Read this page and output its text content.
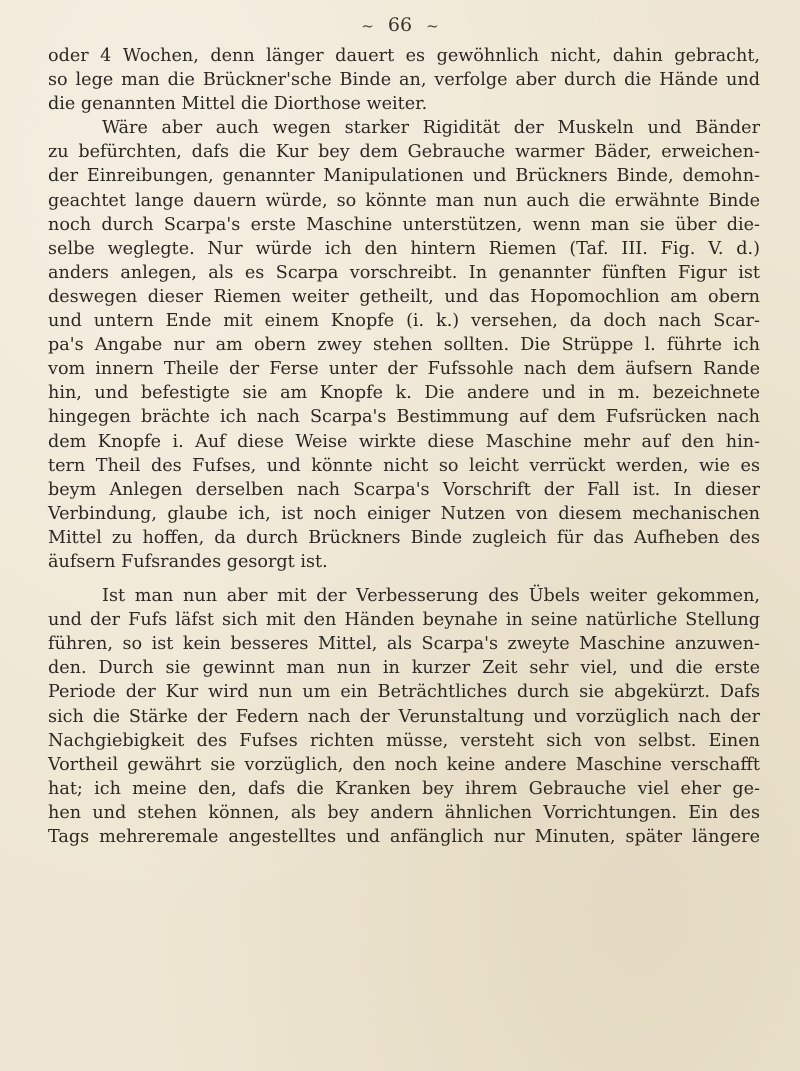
~ 66 ~
oder 4 Wochen, denn länger dauert es gewöhnlich nicht, dahin gebracht,
so lege man die Brückner'sche Binde an, verfolge aber durch die Hände und
die genannten Mittel die Diorthose weiter.
Wäre aber auch wegen starker Rigidität der Muskeln und Bänder
zu befürchten, dafs die Kur bey dem Gebrauche warmer Bäder, erweichen-
der Einreibungen, genannter Manipulationen und Brückners Binde, demohn-
geachtet lange dauern würde, so könnte man nun auch die erwähnte Binde
noch durch Scarpa's erste Maschine unterstützen, wenn man sie über die-
selbe weglegte. Nur würde ich den hintern Riemen (Taf. III. Fig. V. d.)
anders anlegen, als es Scarpa vorschreibt. In genannter fünften Figur ist
deswegen dieser Riemen weiter getheilt, und das Hopomochlion am obern
und untern Ende mit einem Knopfe (i. k.) versehen, da doch nach Scar-
pa's Angabe nur am obern zwey stehen sollten. Die Strüppe l. führte ich
vom innern Theile der Ferse unter der Fufssohle nach dem äufsern Rande
hin, und befestigte sie am Knopfe k. Die andere und in m. bezeichnete
hingegen brächte ich nach Scarpa's Bestimmung auf dem Fufsrücken nach
dem Knopfe i. Auf diese Weise wirkte diese Maschine mehr auf den hin-
tern Theil des Fufses, und könnte nicht so leicht verrückt werden, wie es
beym Anlegen derselben nach Scarpa's Vorschrift der Fall ist. In dieser
Verbindung, glaube ich, ist noch einiger Nutzen von diesem mechanischen
Mittel zu hoffen, da durch Brückners Binde zugleich für das Aufheben des
äufsern Fufsrandes gesorgt ist.
Ist man nun aber mit der Verbesserung des Übels weiter gekommen,
und der Fufs läfst sich mit den Händen beynahe in seine natürliche Stellung
führen, so ist kein besseres Mittel, als Scarpa's zweyte Maschine anzuwen-
den. Durch sie gewinnt man nun in kurzer Zeit sehr viel, und die erste
Periode der Kur wird nun um ein Beträchtliches durch sie abgekürzt. Dafs
sich die Stärke der Federn nach der Verunstaltung und vorzüglich nach der
Nachgiebigkeit des Fufses richten müsse, versteht sich von selbst. Einen
Vortheil gewährt sie vorzüglich, den noch keine andere Maschine verschafft
hat; ich meine den, dafs die Kranken bey ihrem Gebrauche viel eher ge-
hen und stehen können, als bey andern ähnlichen Vorrichtungen. Ein des
Tags mehreremale angestelltes und anfänglich nur Minuten, später längere
